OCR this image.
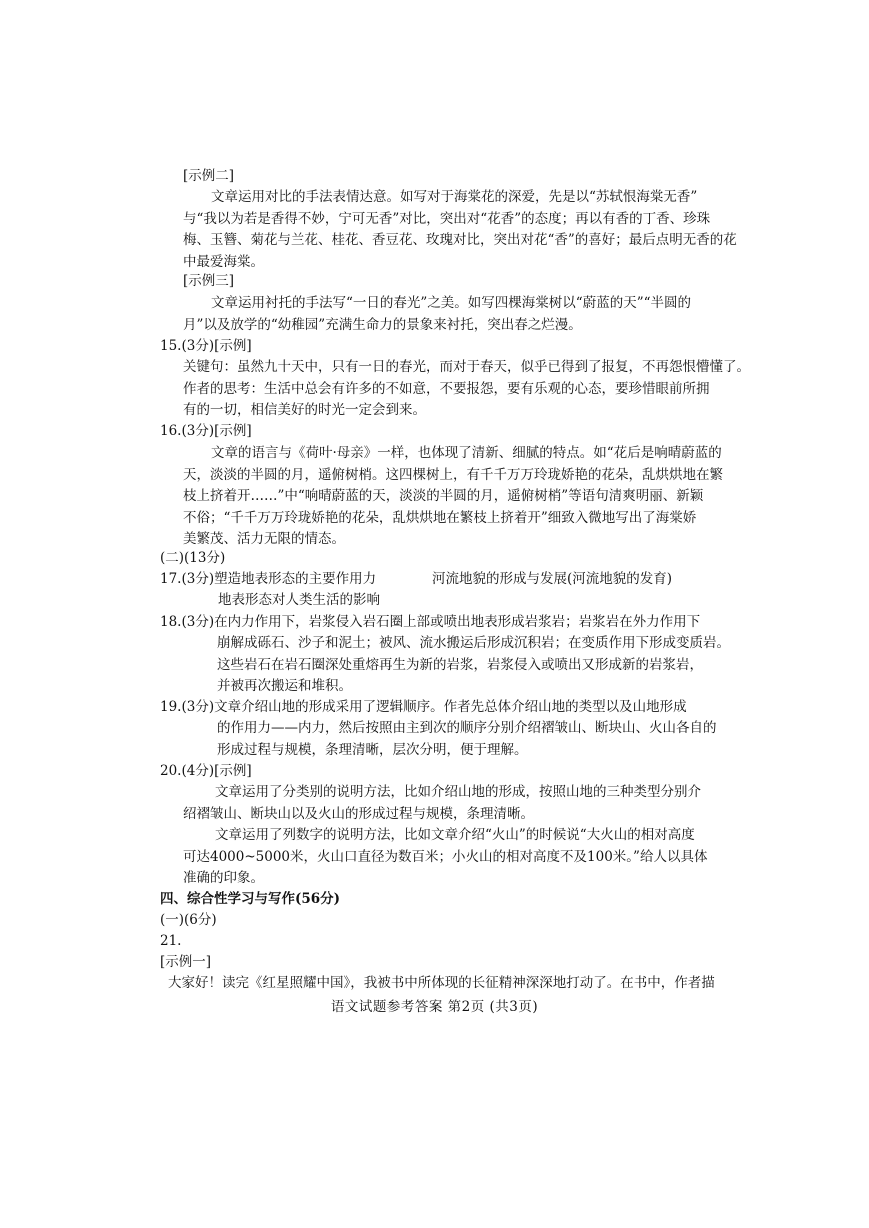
[示例二]
文章运用对比的手法表情达意。如写对于海棠花的深爱，先是以“苏轼恨海棠无香”
与“我以为若是香得不妙，宁可无香”对比，突出对“花香”的态度；再以有香的丁香、珍珠
梅、玉簪、菊花与兰花、桂花、香豆花、玫瑰对比，突出对花“香”的喜好；最后点明无香的花
中最爱海棠。
[示例三]
文章运用衬托的手法写“一日的春光”之美。如写四棵海棠树以“蔚蓝的天”“半圆的
月”以及放学的“幼稚园”充满生命力的景象来衬托，突出春之烂漫。
15.(3分)[示例]
关键句：虽然九十天中，只有一日的春光，而对于春天，似乎已得到了报复，不再怨恨懵懂了。
作者的思考：生活中总会有许多的不如意，不要报怨，要有乐观的心态，要珍惜眼前所拥
有的一切，相信美好的时光一定会到来。
16.(3分)[示例]
文章的语言与《荷叶·母亲》一样，也体现了清新、细腻的特点。如“花后是响晴蔚蓝的
天，淡淡的半圆的月，遥俯树梢。这四棵树上，有千千万万玲珑娇艳的花朵，乱烘烘地在繁
枝上挤着开……”中“响晴蔚蓝的天，淡淡的半圆的月，遥俯树梢”等语句清爽明丽、新颖
不俗；“千千万万玲珑娇艳的花朵，乱烘烘地在繁枝上挤着开”细致入微地写出了海棠娇
美繁茂、活力无限的情态。
(二)(13分)
17.(3分)塑造地表形态的主要作用力	河流地貌的形成与发展(河流地貌的发育)
地表形态对人类生活的影响
18.(3分)在内力作用下，岩浆侵入岩石圈上部或喷出地表形成岩浆岩；岩浆岩在外力作用下
崩解成砾石、沙子和泥土；被风、流水搬运后形成沉积岩；在变质作用下形成变质岩。
这些岩石在岩石圈深处重熔再生为新的岩浆，岩浆侵入或喷出又形成新的岩浆岩，
并被再次搬运和堆积。
19.(3分)文章介绍山地的形成采用了逻辑顺序。作者先总体介绍山地的类型以及山地形成
的作用力——内力，然后按照由主到次的顺序分别介绍褶皱山、断块山、火山各自的
形成过程与规模，条理清晰，层次分明，便于理解。
20.(4分)[示例]
文章运用了分类别的说明方法，比如介绍山地的形成，按照山地的三种类型分别介
绍褶皱山、断块山以及火山的形成过程与规模，条理清晰。
文章运用了列数字的说明方法，比如文章介绍“火山”的时候说“大火山的相对高度
可达4000~5000米，火山口直径为数百米；小火山的相对高度不及100米。”给人以具体
准确的印象。
四、综合性学习与写作(56分)
(一)(6分)
21.
[示例一]
大家好！读完《红星照耀中国》，我被书中所体现的长征精神深深地打动了。在书中，作者描
语文试题参考答案 第2页 (共3页)
